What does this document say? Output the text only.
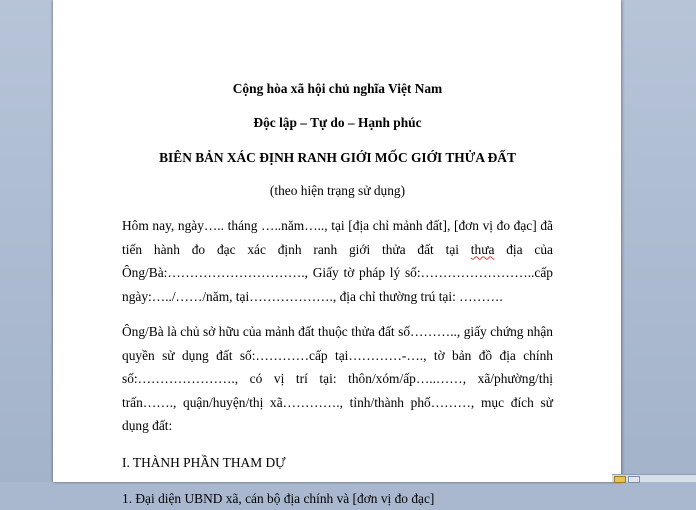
Cộng hòa xã hội chủ nghĩa Việt Nam

Độc lập – Tự do – Hạnh phúc

BIÊN BẢN XÁC ĐỊNH RANH GIỚI MỐC GIỚI THỬA ĐẤT

(theo hiện trạng sử dụng)

Hôm nay, ngày….. tháng …..năm….., tại [địa chỉ mảnh đất], [đơn vị đo đạc] đã tiến hành đo đạc xác định ranh giới thửa đất tại thưa địa của Ông/Bà:…………………………., Giấy tờ pháp lý số:……………………..cấp ngày:…../……/năm, tại………………., địa chỉ thường trú tại: ……….

Ông/Bà là chủ sở hữu của mảnh đất thuộc thửa đất số……….., giấy chứng nhận quyền sử dụng đất số:…………cấp tại…………-…., tờ bản đồ địa chính số:…………………., có vị trí tại: thôn/xóm/ấp…..……, xã/phường/thị trấn……., quận/huyện/thị xã…………., tỉnh/thành phố………, mục đích sử dụng đất:

I. THÀNH PHẦN THAM DỰ

1. Đại diện UBND xã, cán bộ địa chính và [đơn vị đo đạc]
